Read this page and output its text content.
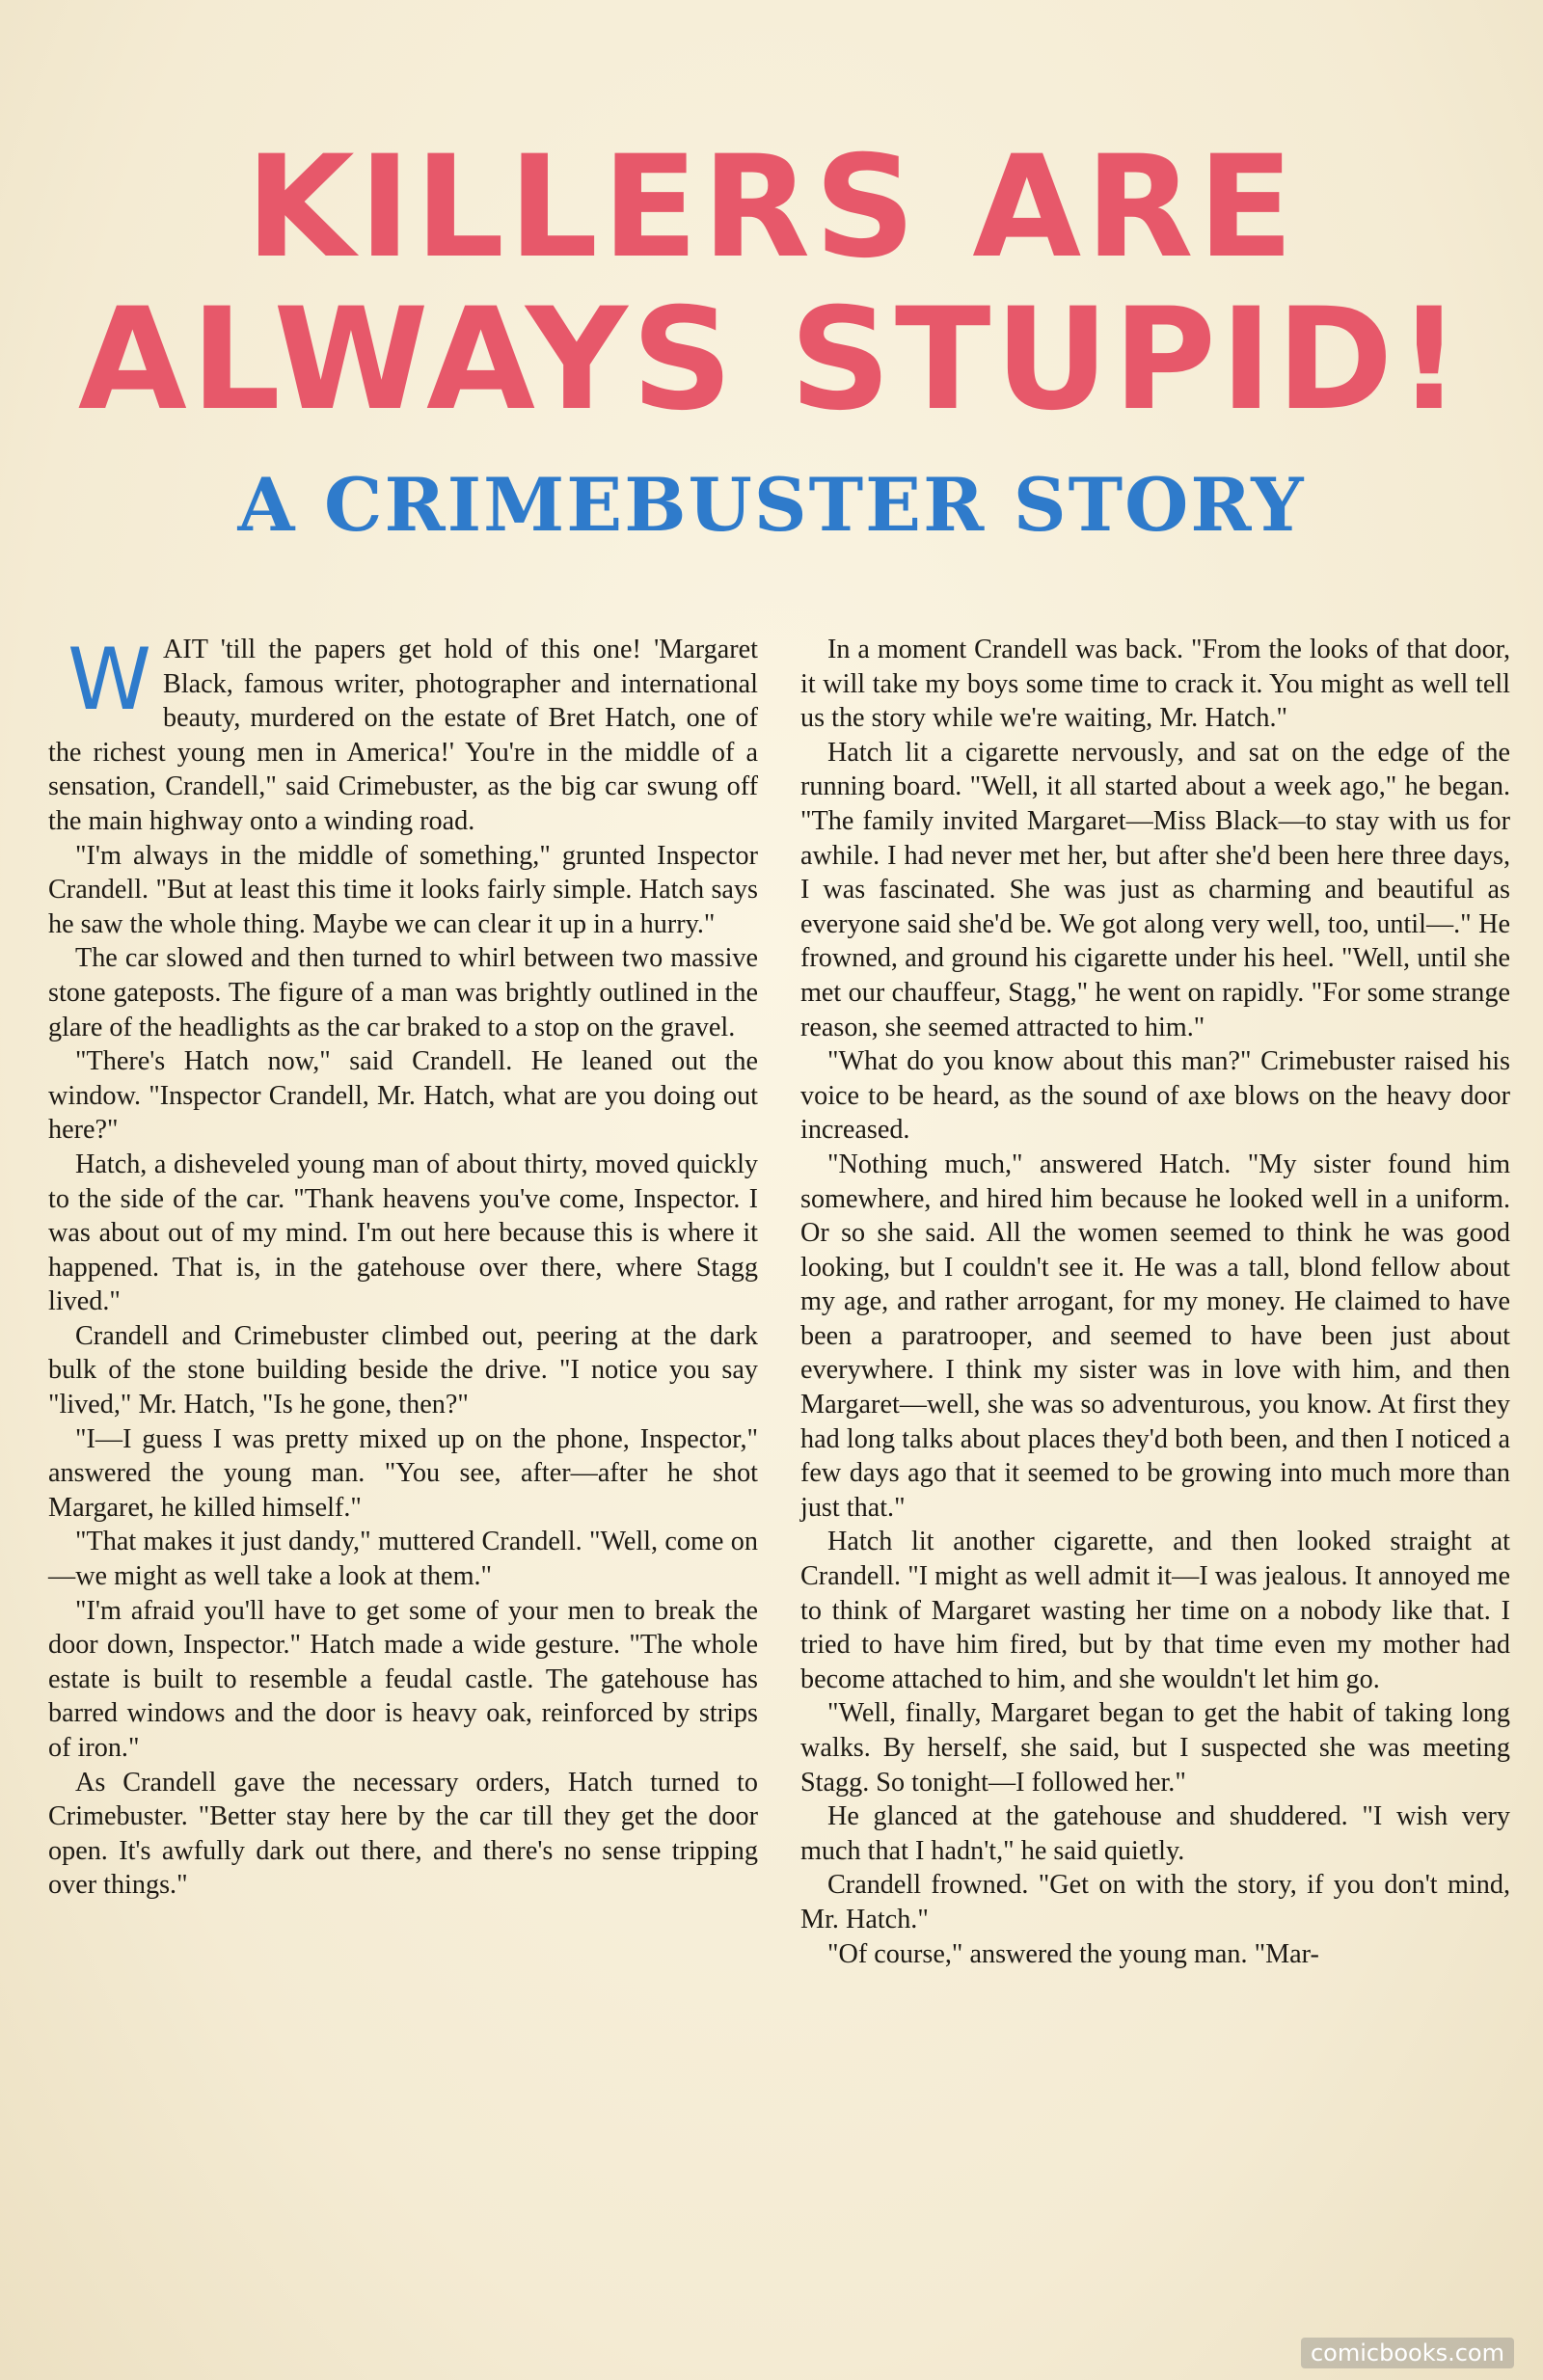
KILLERS ARE
ALWAYS STUPID!
A CRIMEBUSTER STORY

WAIT 'till the papers get hold of this one! 'Margaret Black, famous writer, photographer and international beauty, murdered on the estate of Bret Hatch, one of the richest young men in America!' You're in the middle of a sensation, Crandell," said Crimebuster, as the big car swung off the main highway onto a winding road.

"I'm always in the middle of something," grunted Inspector Crandell. "But at least this time it looks fairly simple. Hatch says he saw the whole thing. Maybe we can clear it up in a hurry."

The car slowed and then turned to whirl between two massive stone gateposts. The figure of a man was brightly outlined in the glare of the headlights as the car braked to a stop on the gravel.

"There's Hatch now," said Crandell. He leaned out the window. "Inspector Crandell, Mr. Hatch, what are you doing out here?"

Hatch, a disheveled young man of about thirty, moved quickly to the side of the car. "Thank heavens you've come, Inspector. I was about out of my mind. I'm out here because this is where it happened. That is, in the gatehouse over there, where Stagg lived."

Crandell and Crimebuster climbed out, peering at the dark bulk of the stone building beside the drive. "I notice you say "lived," Mr. Hatch, "Is he gone, then?"

"I—I guess I was pretty mixed up on the phone, Inspector," answered the young man. "You see, after—after he shot Margaret, he killed himself."

"That makes it just dandy," muttered Crandell. "Well, come on—we might as well take a look at them."

"I'm afraid you'll have to get some of your men to break the door down, Inspector." Hatch made a wide gesture. "The whole estate is built to resemble a feudal castle. The gatehouse has barred windows and the door is heavy oak, reinforced by strips of iron."

As Crandell gave the necessary orders, Hatch turned to Crimebuster. "Better stay here by the car till they get the door open. It's awfully dark out there, and there's no sense tripping over things."

In a moment Crandell was back. "From the looks of that door, it will take my boys some time to crack it. You might as well tell us the story while we're waiting, Mr. Hatch."

Hatch lit a cigarette nervously, and sat on the edge of the running board. "Well, it all started about a week ago," he began. "The family invited Margaret—Miss Black—to stay with us for awhile. I had never met her, but after she'd been here three days, I was fascinated. She was just as charming and beautiful as everyone said she'd be. We got along very well, too, until—." He frowned, and ground his cigarette under his heel. "Well, until she met our chauffeur, Stagg," he went on rapidly. "For some strange reason, she seemed attracted to him."

"What do you know about this man?" Crimebuster raised his voice to be heard, as the sound of axe blows on the heavy door increased.

"Nothing much," answered Hatch. "My sister found him somewhere, and hired him because he looked well in a uniform. Or so she said. All the women seemed to think he was good looking, but I couldn't see it. He was a tall, blond fellow about my age, and rather arrogant, for my money. He claimed to have been a paratrooper, and seemed to have been just about everywhere. I think my sister was in love with him, and then Margaret—well, she was so adventurous, you know. At first they had long talks about places they'd both been, and then I noticed a few days ago that it seemed to be growing into much more than just that."

Hatch lit another cigarette, and then looked straight at Crandell. "I might as well admit it—I was jealous. It annoyed me to think of Margaret wasting her time on a nobody like that. I tried to have him fired, but by that time even my mother had become attached to him, and she wouldn't let him go.

"Well, finally, Margaret began to get the habit of taking long walks. By herself, she said, but I suspected she was meeting Stagg. So tonight—I followed her."

He glanced at the gatehouse and shuddered. "I wish very much that I hadn't," he said quietly.

Crandell frowned. "Get on with the story, if you don't mind, Mr. Hatch."

"Of course," answered the young man. "Mar-

comicbooks.com
